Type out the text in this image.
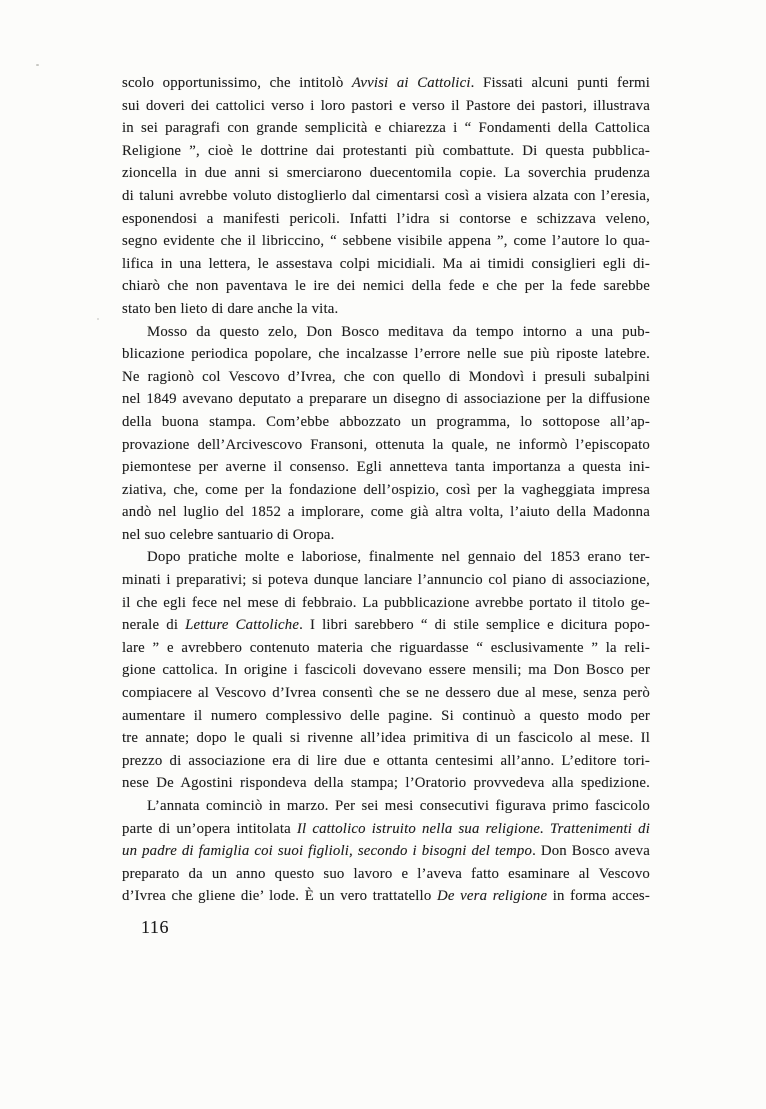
scolo opportunissimo, che intitolò Avvisi ai Cattolici. Fissati alcuni punti fermi
sui doveri dei cattolici verso i loro pastori e verso il Pastore dei pastori, illustrava
in sei paragrafi con grande semplicità e chiarezza i “ Fondamenti della Cattolica
Religione ”, cioè le dottrine dai protestanti più combattute. Di questa pubblica-
zioncella in due anni si smerciarono duecentomila copie. La soverchia prudenza
di taluni avrebbe voluto distoglierlo dal cimentarsi così a visiera alzata con l’eresia,
esponendosi a manifesti pericoli. Infatti l’idra si contorse e schizzava veleno,
segno evidente che il libriccino, “ sebbene visibile appena ”, come l’autore lo qua-
lifica in una lettera, le assestava colpi micidiali. Ma ai timidi consiglieri egli di-
chiarò che non paventava le ire dei nemici della fede e che per la fede sarebbe
stato ben lieto di dare anche la vita.
Mosso da questo zelo, Don Bosco meditava da tempo intorno a una pub-
blicazione periodica popolare, che incalzasse l’errore nelle sue più riposte latebre.
Ne ragionò col Vescovo d’Ivrea, che con quello di Mondovì i presuli subalpini
nel 1849 avevano deputato a preparare un disegno di associazione per la diffusione
della buona stampa. Com’ebbe abbozzato un programma, lo sottopose all’ap-
provazione dell’Arcivescovo Fransoni, ottenuta la quale, ne informò l’episcopato
piemontese per averne il consenso. Egli annetteva tanta importanza a questa ini-
ziativa, che, come per la fondazione dell’ospizio, così per la vagheggiata impresa
andò nel luglio del 1852 a implorare, come già altra volta, l’aiuto della Madonna
nel suo celebre santuario di Oropa.
Dopo pratiche molte e laboriose, finalmente nel gennaio del 1853 erano ter-
minati i preparativi; si poteva dunque lanciare l’annuncio col piano di associazione,
il che egli fece nel mese di febbraio. La pubblicazione avrebbe portato il titolo ge-
nerale di Letture Cattoliche. I libri sarebbero “ di stile semplice e dicitura popo-
lare ” e avrebbero contenuto materia che riguardasse “ esclusivamente ” la reli-
gione cattolica. In origine i fascicoli dovevano essere mensili; ma Don Bosco per
compiacere al Vescovo d’Ivrea consentì che se ne dessero due al mese, senza però
aumentare il numero complessivo delle pagine. Si continuò a questo modo per
tre annate; dopo le quali si rivenne all’idea primitiva di un fascicolo al mese. Il
prezzo di associazione era di lire due e ottanta centesimi all’anno. L’editore tori-
nese De Agostini rispondeva della stampa; l’Oratorio provvedeva alla spedizione.
L’annata cominciò in marzo. Per sei mesi consecutivi figurava primo fascicolo
parte di un’opera intitolata Il cattolico istruito nella sua religione. Trattenimenti di
un padre di famiglia coi suoi figlioli, secondo i bisogni del tempo. Don Bosco aveva
preparato da un anno questo suo lavoro e l’aveva fatto esaminare al Vescovo
d’Ivrea che gliene die’ lode. È un vero trattatello De vera religione in forma acces-
116
